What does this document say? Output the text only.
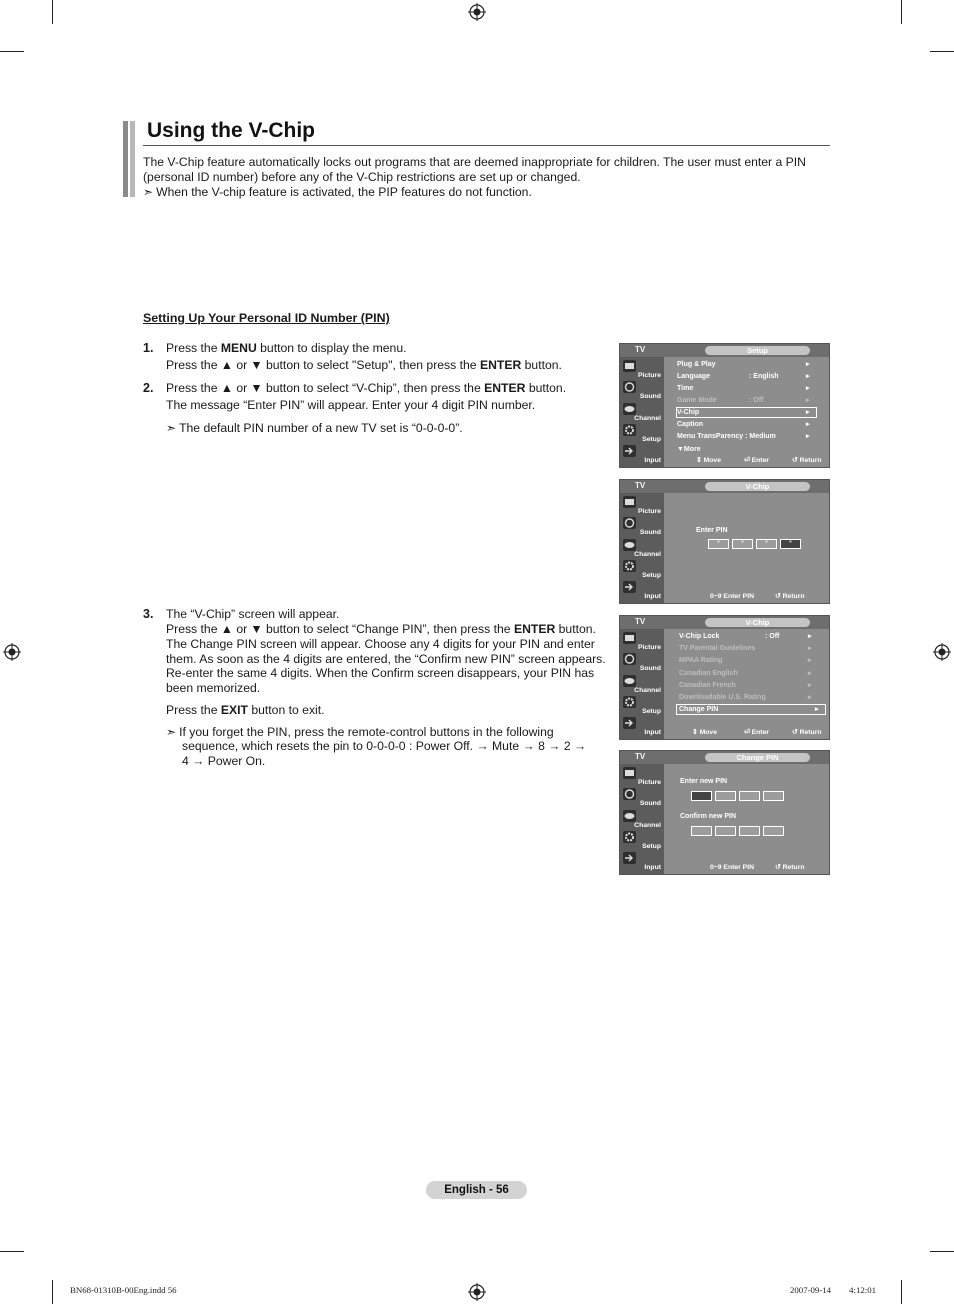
Using the V-Chip
The V-Chip feature automatically locks out programs that are deemed inappropriate for children. The user must enter a PIN (personal ID number) before any of the V-Chip restrictions are set up or changed.
➣ When the V-chip feature is activated, the PIP features do not function.
Setting Up Your Personal ID Number (PIN)
1. Press the MENU button to display the menu.
Press the ▲ or ▼ button to select "Setup", then press the ENTER button.
2. Press the ▲ or ▼ button to select “V-Chip”, then press the ENTER button.
The message “Enter PIN” will appear. Enter your 4 digit PIN number.
➣ The default PIN number of a new TV set is “0-0-0-0”.
3. The “V-Chip” screen will appear.
Press the ▲ or ▼ button to select “Change PIN”, then press the ENTER button.
The Change PIN screen will appear. Choose any 4 digits for your PIN and enter
them. As soon as the 4 digits are entered, the “Confirm new PIN” screen appears.
Re-enter the same 4 digits. When the Confirm screen disappears, your PIN has
been memorized.
Press the EXIT button to exit.
➣ If you forget the PIN, press the remote-control buttons in the following
sequence, which resets the pin to 0-0-0-0 : Power Off. → Mute → 8 → 2 →
4 → Power On.
TV	Setup
Picture
Sound
Channel
Setup
Input
Plug & Play	►
Language	: English	►
Time	►
Game Mode	: Off	►
V-Chip	►
Caption	►
Menu TransParency : Medium	►
▼More
⇕ Move	⏎ Enter	↺ Return
TV	V-Chip
Picture
Sound
Channel
Setup
Input
Enter PIN
*	*	*	*
0~9 Enter PIN	↺ Return
TV	V-Chip
Picture
Sound
Channel
Setup
Input
V-Chip Lock	: Off	►
TV Parental Guidelines	►
MPAA Rating	►
Canadian English	►
Canadian French	►
Downloadable U.S. Rating	►
Change PIN	►
⇕ Move	⏎ Enter	↺ Return
TV	Change PIN
Picture
Sound
Channel
Setup
Input
Enter new PIN
Confirm new PIN
0~9 Enter PIN	↺ Return
English - 56
BN68-01310B-00Eng.indd 56	2007-09-14 ￿￿ 4:12:01
